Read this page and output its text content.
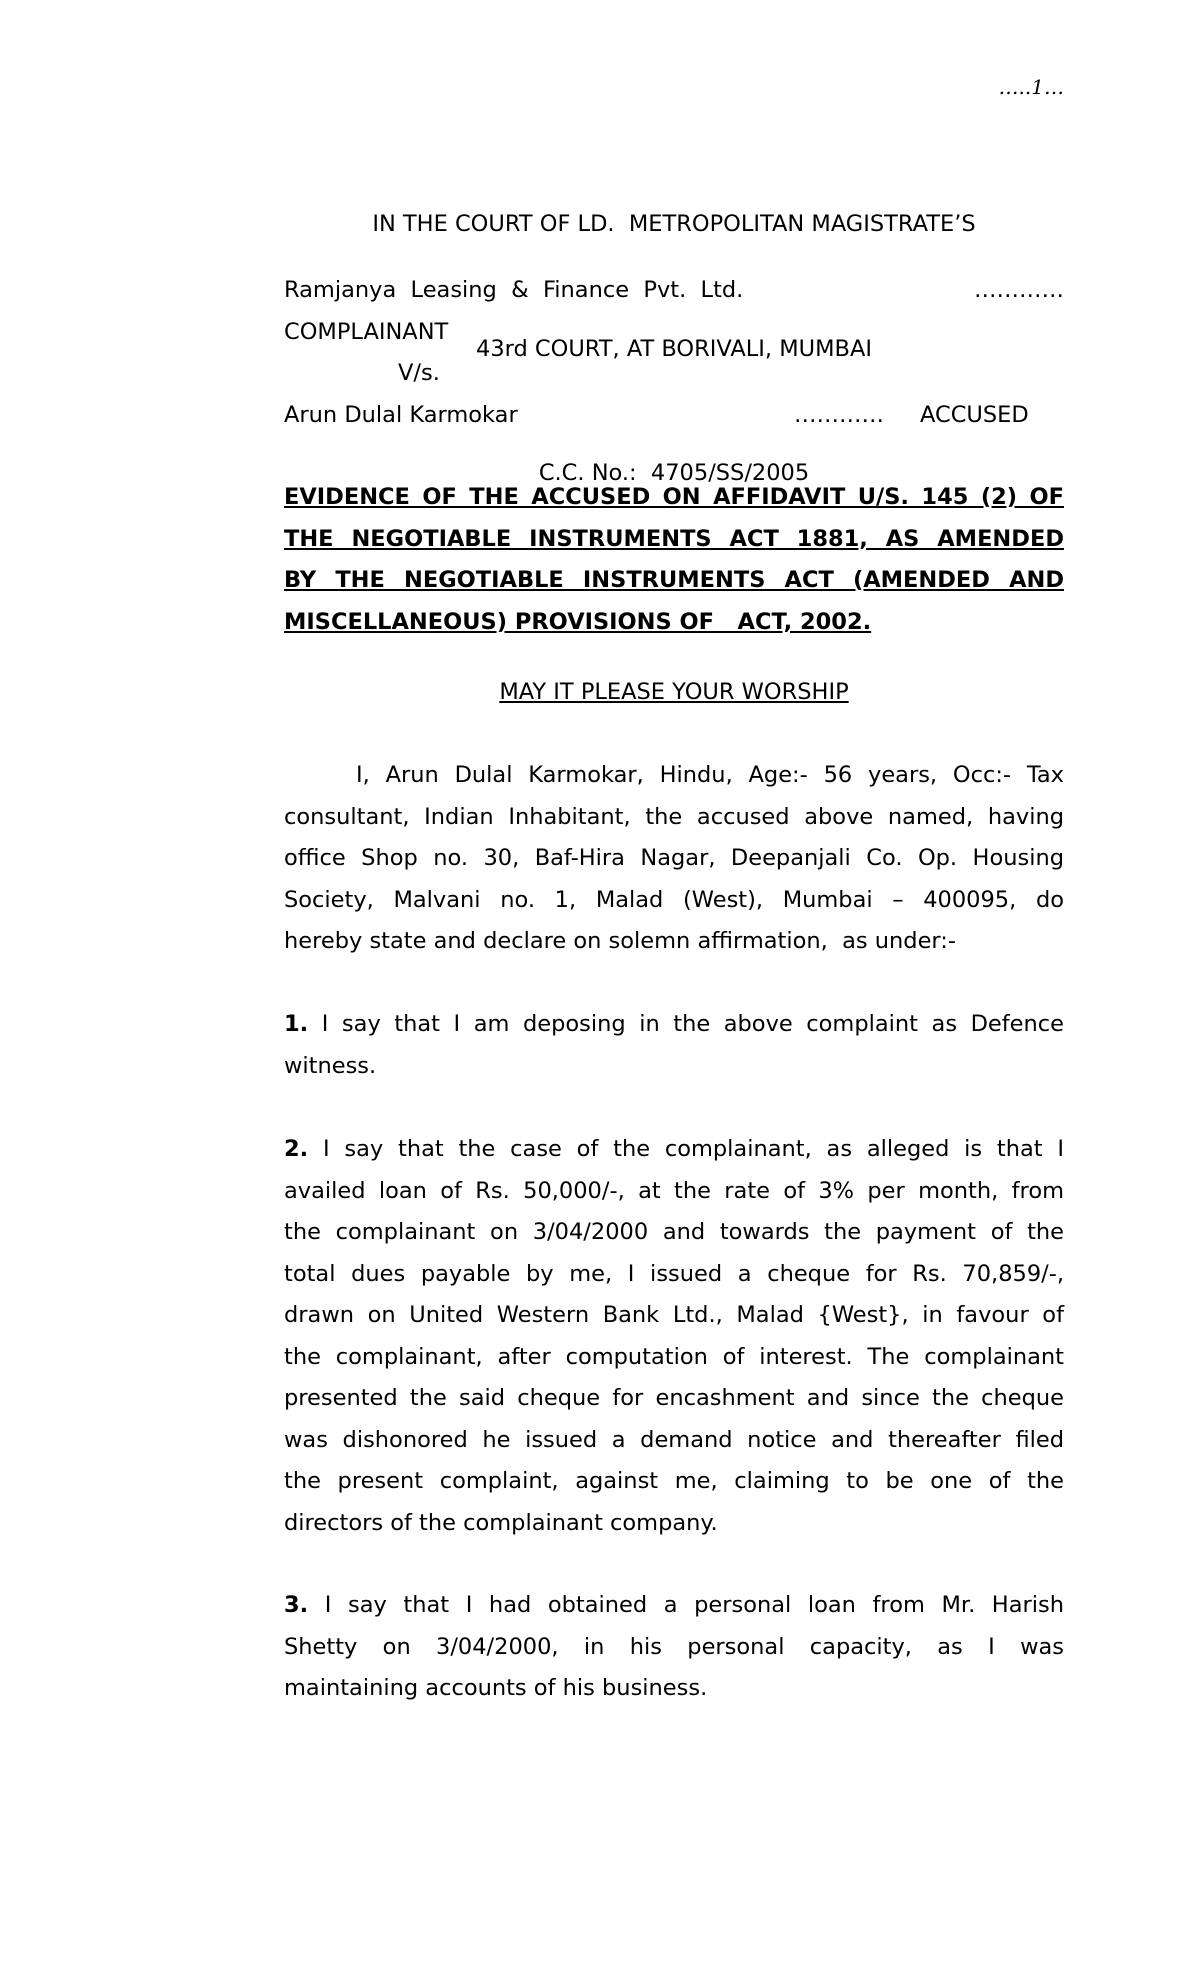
…..1…

IN THE COURT OF LD.  METROPOLITAN MAGISTRATE’S

43rd COURT, AT BORIVALI, MUMBAI

C.C. No.:  4705/SS/2005

Ramjanya  Leasing  &  Finance  Pvt.  Ltd.	…………
COMPLAINANT
V/s.
Arun Dulal Karmokar	………… ACCUSED
EVIDENCE OF THE ACCUSED ON AFFIDAVIT U/S. 145 (2) OF
THE NEGOTIABLE INSTRUMENTS ACT 1881, AS AMENDED
BY THE NEGOTIABLE INSTRUMENTS ACT (AMENDED AND
MISCELLANEOUS) PROVISIONS OF   ACT, 2002.
MAY IT PLEASE YOUR WORSHIP
I, Arun Dulal Karmokar, Hindu, Age:- 56 years, Occ:- Tax
consultant, Indian Inhabitant, the accused above named, having
office Shop no. 30, Baf-Hira Nagar, Deepanjali Co. Op. Housing
Society, Malvani no. 1, Malad (West), Mumbai – 400095, do
hereby state and declare on solemn affirmation,  as under:-
1. I say that I am deposing in the above complaint as Defence
witness.
2. I say that the case of the complainant, as alleged is that I
availed loan of Rs. 50,000/-, at the rate of 3% per month, from
the complainant on 3/04/2000 and towards the payment of the
total dues payable by me, I issued a cheque for Rs. 70,859/-,
drawn on United Western Bank Ltd., Malad {West}, in favour of
the complainant, after computation of interest. The complainant
presented the said cheque for encashment and since the cheque
was dishonored he issued a demand notice and thereafter filed
the present complaint, against me, claiming to be one of the
directors of the complainant company.
3. I say that I had obtained a personal loan from Mr. Harish
Shetty on 3/04/2000, in his personal capacity, as I was
maintaining accounts of his business.
